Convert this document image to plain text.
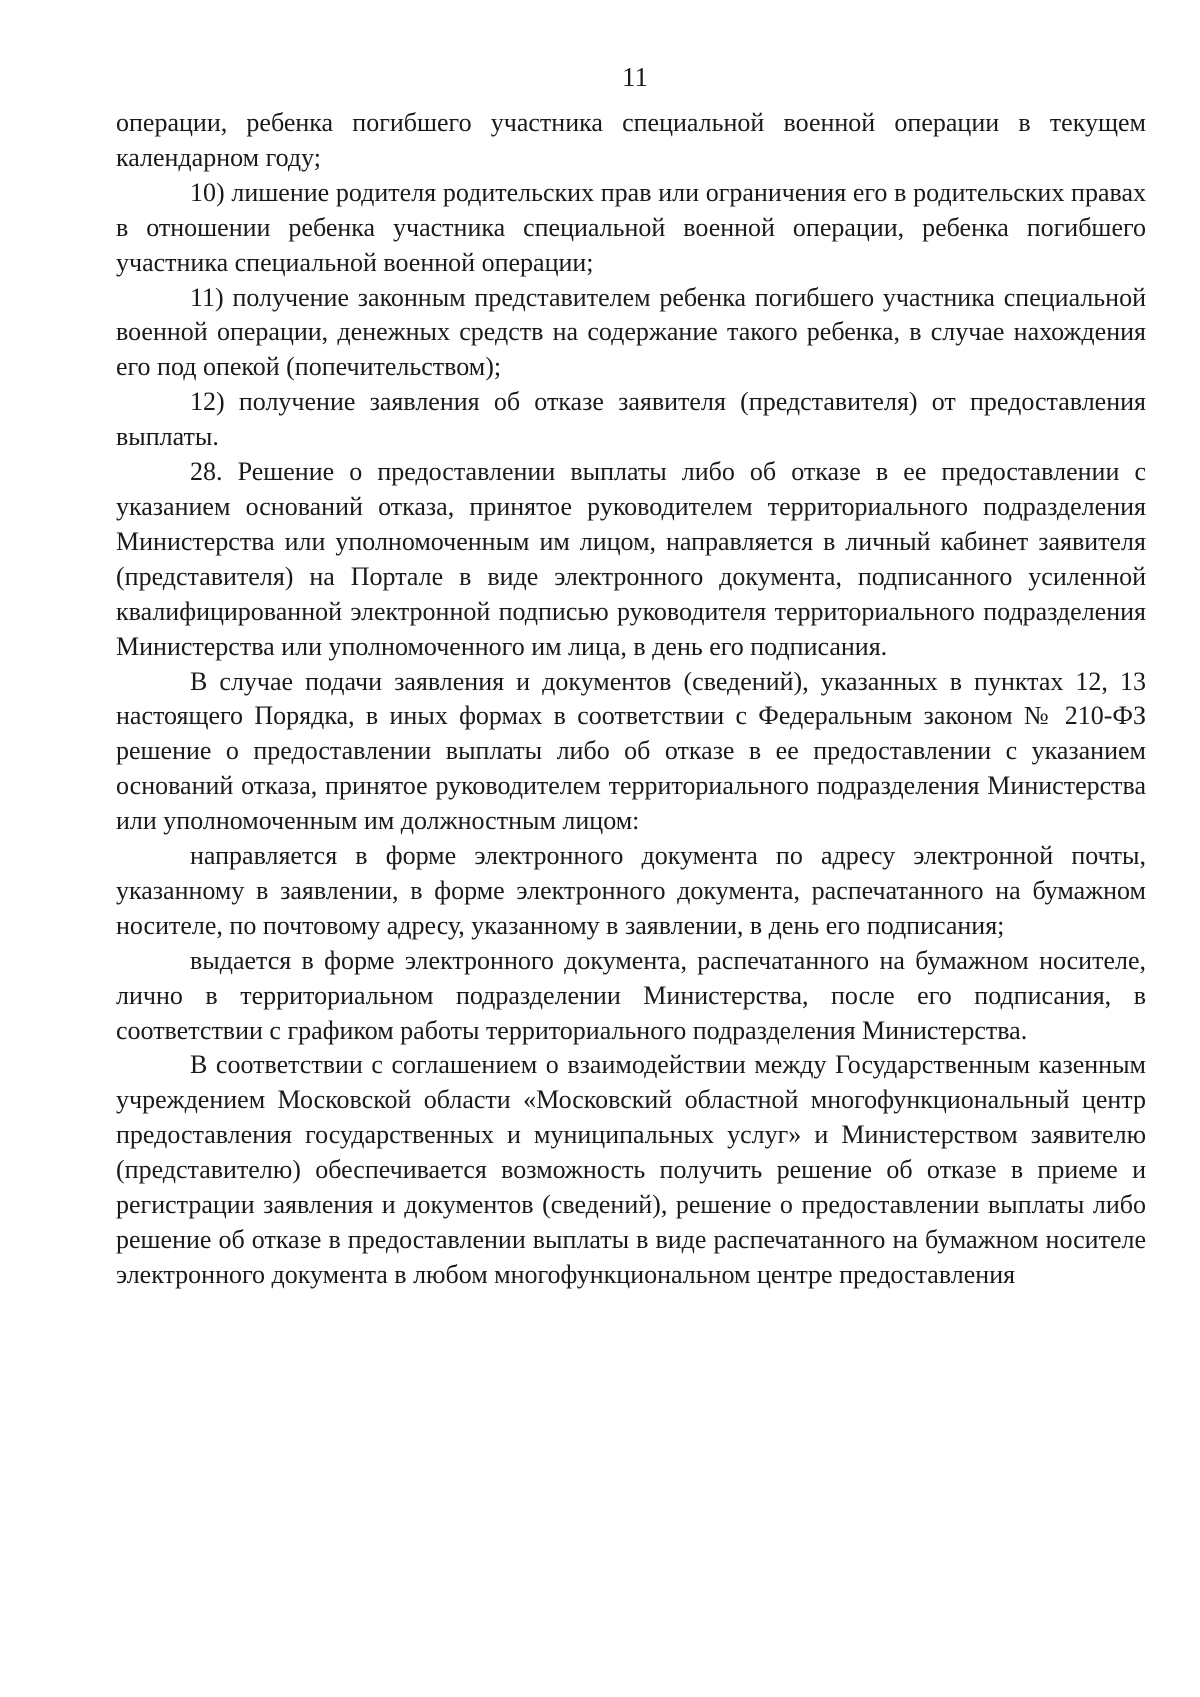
11

операции, ребенка погибшего участника специальной военной операции в текущем календарном году;

10) лишение родителя родительских прав или ограничения его в родительских правах в отношении ребенка участника специальной военной операции, ребенка погибшего участника специальной военной операции;

11) получение законным представителем ребенка погибшего участника специальной военной операции, денежных средств на содержание такого ребенка, в случае нахождения его под опекой (попечительством);

12) получение заявления об отказе заявителя (представителя) от предоставления выплаты.

28. Решение о предоставлении выплаты либо об отказе в ее предоставлении с указанием оснований отказа, принятое руководителем территориального подразделения Министерства или уполномоченным им лицом, направляется в личный кабинет заявителя (представителя) на Портале в виде электронного документа, подписанного усиленной квалифицированной электронной подписью руководителя территориального подразделения Министерства или уполномоченного им лица, в день его подписания.

В случае подачи заявления и документов (сведений), указанных в пунктах 12, 13 настоящего Порядка, в иных формах в соответствии с Федеральным законом № 210-ФЗ решение о предоставлении выплаты либо об отказе в ее предоставлении с указанием оснований отказа, принятое руководителем территориального подразделения Министерства или уполномоченным им должностным лицом:

направляется в форме электронного документа по адресу электронной почты, указанному в заявлении, в форме электронного документа, распечатанного на бумажном носителе, по почтовому адресу, указанному в заявлении, в день его подписания;

выдается в форме электронного документа, распечатанного на бумажном носителе, лично в территориальном подразделении Министерства, после его подписания, в соответствии с графиком работы территориального подразделения Министерства.

В соответствии с соглашением о взаимодействии между Государственным казенным учреждением Московской области «Московский областной многофункциональный центр предоставления государственных и муниципальных услуг» и Министерством заявителю (представителю) обеспечивается возможность получить решение об отказе в приеме и регистрации заявления и документов (сведений), решение о предоставлении выплаты либо решение об отказе в предоставлении выплаты в виде распечатанного на бумажном носителе электронного документа в любом многофункциональном центре предоставления
